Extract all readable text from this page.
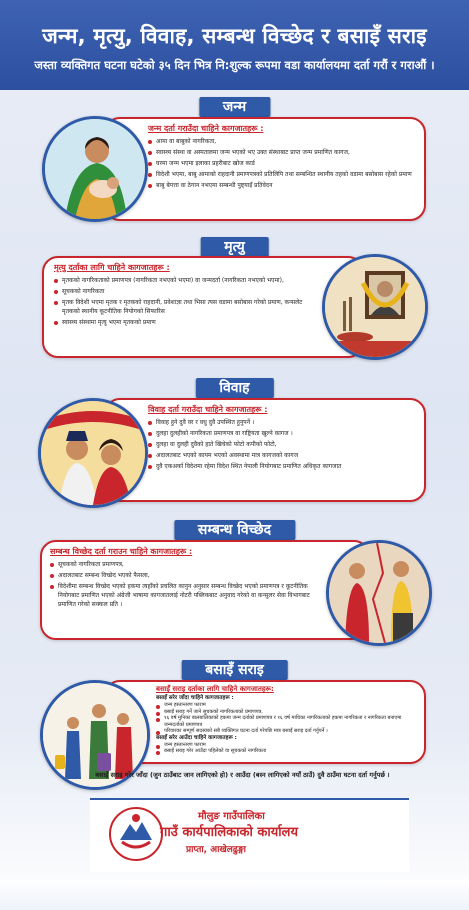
जन्म, मृत्यु, विवाह, सम्बन्ध विच्छेद र बसाइँ सराइ
जस्ता व्यक्तिगत घटना घटेको ३५ दिन भित्र नि:शुल्क रूपमा वडा कार्यालयमा दर्ता गरौं र गराऔं ।
जन्म
जन्म दर्ता गराउँदा चाहिने कागजातहरू :
आमा वा बाबुको नागरिकता,
स्वास्थ्य संस्था वा अस्पतालमा जन्म भएको भए उक्त संस्थाबाट प्राप्त जन्म प्रमाणित कागज,
घरमा जन्म भएमा इलाका प्रहरीबाट खोज कार्ड
विदेशी भएमा, बाबु आमाको राहदानी प्रमाणपत्रको प्रतिलिपि तथा सम्बन्धित स्थानीय तहको वडामा बसोबास रहेको प्रमाण
बाबु बेपत्ता वा ठेगान नभएमा सम्बन्धी पुष्ट्याइँ प्रतिवेदन
मृत्यु
मृत्यु दर्ताका लागि चाहिने कागजातहरू :
मृतकको नागरिकताको प्रमाणपत्र (नागरिकता नभएको भएमा) वा जन्मदर्ता (नागरिकता नभएको भएमा),
सूचकको नागरिकता
मृतक विदेशी भएमा मृतक र मृतकको राहदानी, प्रवेशाज्ञा तथा भिसा त्यस वडामा बसोबास गरेको प्रमाण, कन्सलेट मृतकको स्थानीय कूटनीतिक नियोगको सिफारिस
स्वास्थ्य संस्थामा मृत्यु भएमा मृतकको प्रमाण
विवाह
विवाह दर्ता गराउँदा चाहिने कागजातहरू :
विवाह हुने दुवै वर र वधु दुवै उपस्थित हुनुपर्ने ।
दुलहा दुलहीको नागरिकता प्रमाणपत्र वा राष्ट्रियता खुल्ने कागज ।
दुलहा वा दुलही दुवैको हाते खिचेको फोटो कपीको फोटो,
अदालतबाट भएको कायम भएको अवस्थामा मात्र कागजको कागज
दुवै एकअर्का विदेशमा रहेमा विदेश स्थित नेपाली नियोगबाट प्रमाणित अधिकृत कागजात
सम्बन्ध विच्छेद
सम्बन्ध विच्छेद दर्ता गराउन चाहिने कागजातहरू :
सूचकको नागरिकता प्रमाणपत्र,
अदालतबाट सम्बन्ध विच्छेद भएको फैसला,
विदेशीमा सम्बन्ध विच्छेद भएको हकमा त्यहाँको प्रचलित कानुन अनुसार सम्बन्ध विच्छेद भएको प्रमाणपत्र र कूटनीतिक नियोगबाट प्रमाणित भएको अंग्रेजी भाषामा कागजातलाई नोटरी पब्लिकबाट अनुवाद गरेको वा कन्सुलर सेवा विभागबाट प्रमाणित गरेको सक्कल प्रति ।
बसाइँ सराइ
बसाइँ सराइ दर्ताका लागि चाहिने कागजातहरू:
बसाइँ सरेर जाँदा चाहिने कागजातहरू :
जन्म हस्तान्तरण फाराम
बसाइँ सराइ गर्ने जाने सूचकको नागरिकताको प्रमाणपत्र,
१६ वर्ष मुनिका बालबालिकाको हकमा जन्म दर्ताको प्रमाणपत्र र १६ वर्ष माथिका नागरिकताको हकमा नागरिकता र नागरिकता बनाएमा जन्मदर्ताको प्रमाणपत्र
परिवारका सम्पूर्ण सदस्यको सबै व्यक्तिगत घटना दर्ता गरेपछि मात्र बसाइँ सराइ दर्ता गर्नुपर्ने ।
बसाइँ सरेर आउँदा चाहिने कागजातहरू :
जन्म हस्तान्तरण फाराम
बसाइँ सराइ गरेर आउँदा पहिलेको वा सूचकको नागरिकता
बसाइँ सराइ गरेर जाँदा (जुन ठाउँबाट जान लागिएको हो) र आउँदा (बस्न लागिएको नयाँ ठाउँ) दुवै ठाउँमा घटना दर्ता गर्नुपर्छ ।
मौलुङ गाउँपालिका
गाउँ कार्यपालिकाको कार्यालय
प्राप्ता, आखेलढुङ्गा
